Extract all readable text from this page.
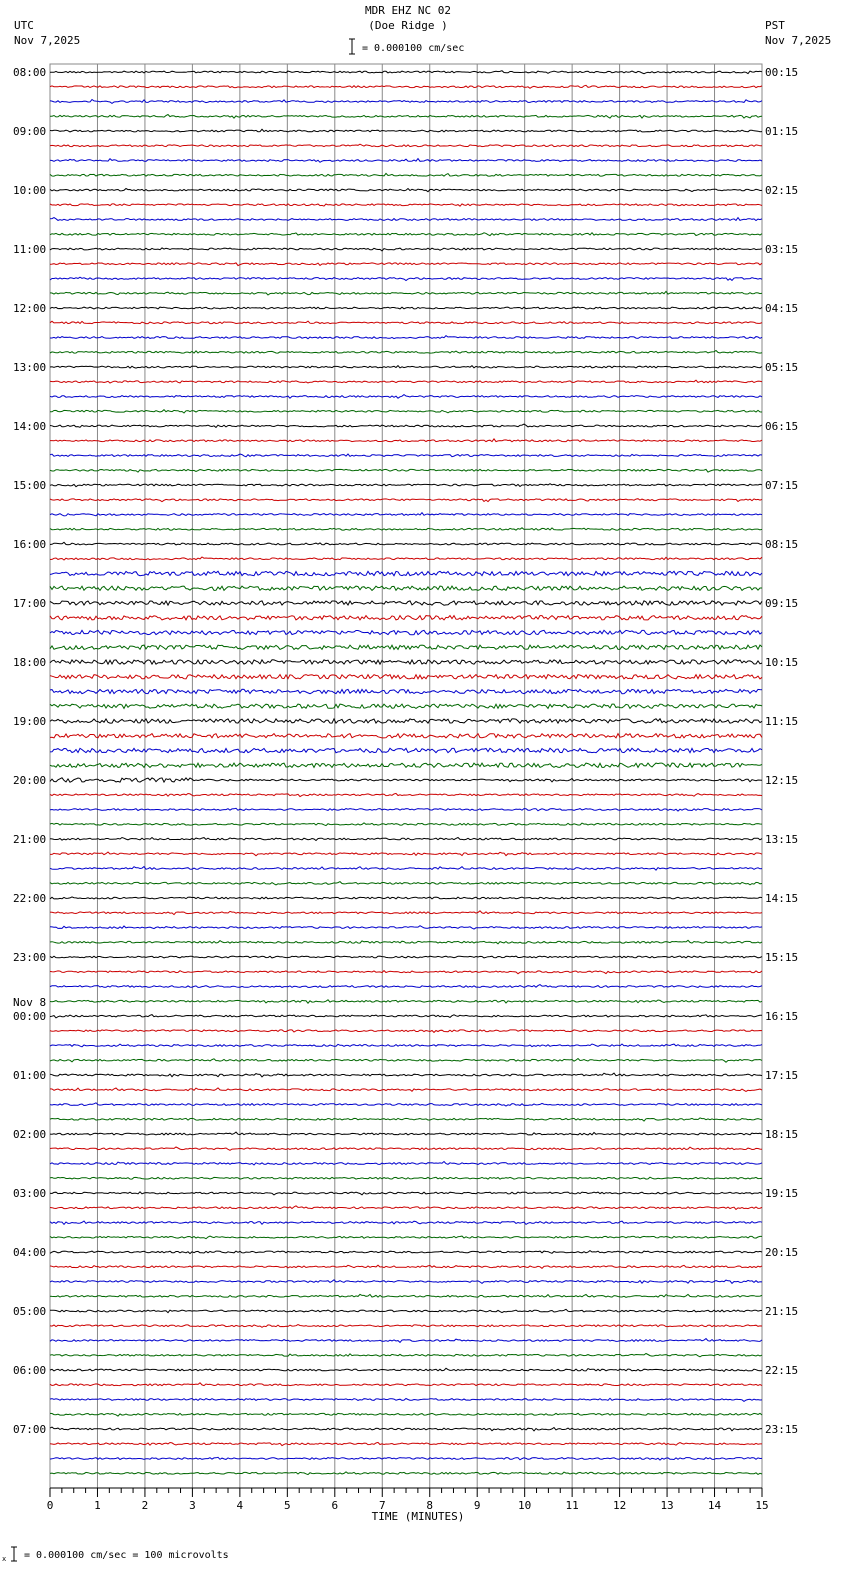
MDR EHZ NC 02
(Doe Ridge )
UTC
Nov 7,2025
PST
Nov 7,2025
= 0.000100 cm/sec
08:00	00:15
09:00	01:15
10:00	02:15
11:00	03:15
12:00	04:15
13:00	05:15
14:00	06:15
15:00	07:15
16:00	08:15
17:00	09:15
18:00	10:15
19:00	11:15
20:00	12:15
21:00	13:15
22:00	14:15
23:00	15:15
00:00	16:15
Nov 8
01:00	17:15
02:00	18:15
03:00	19:15
04:00	20:15
05:00	21:15
06:00	22:15
07:00	23:15
0	1	2	3	4	5	6	7	8	9	10	11	12	13	14	15
x
TIME (MINUTES)
= 0.000100 cm/sec = 100 microvolts
